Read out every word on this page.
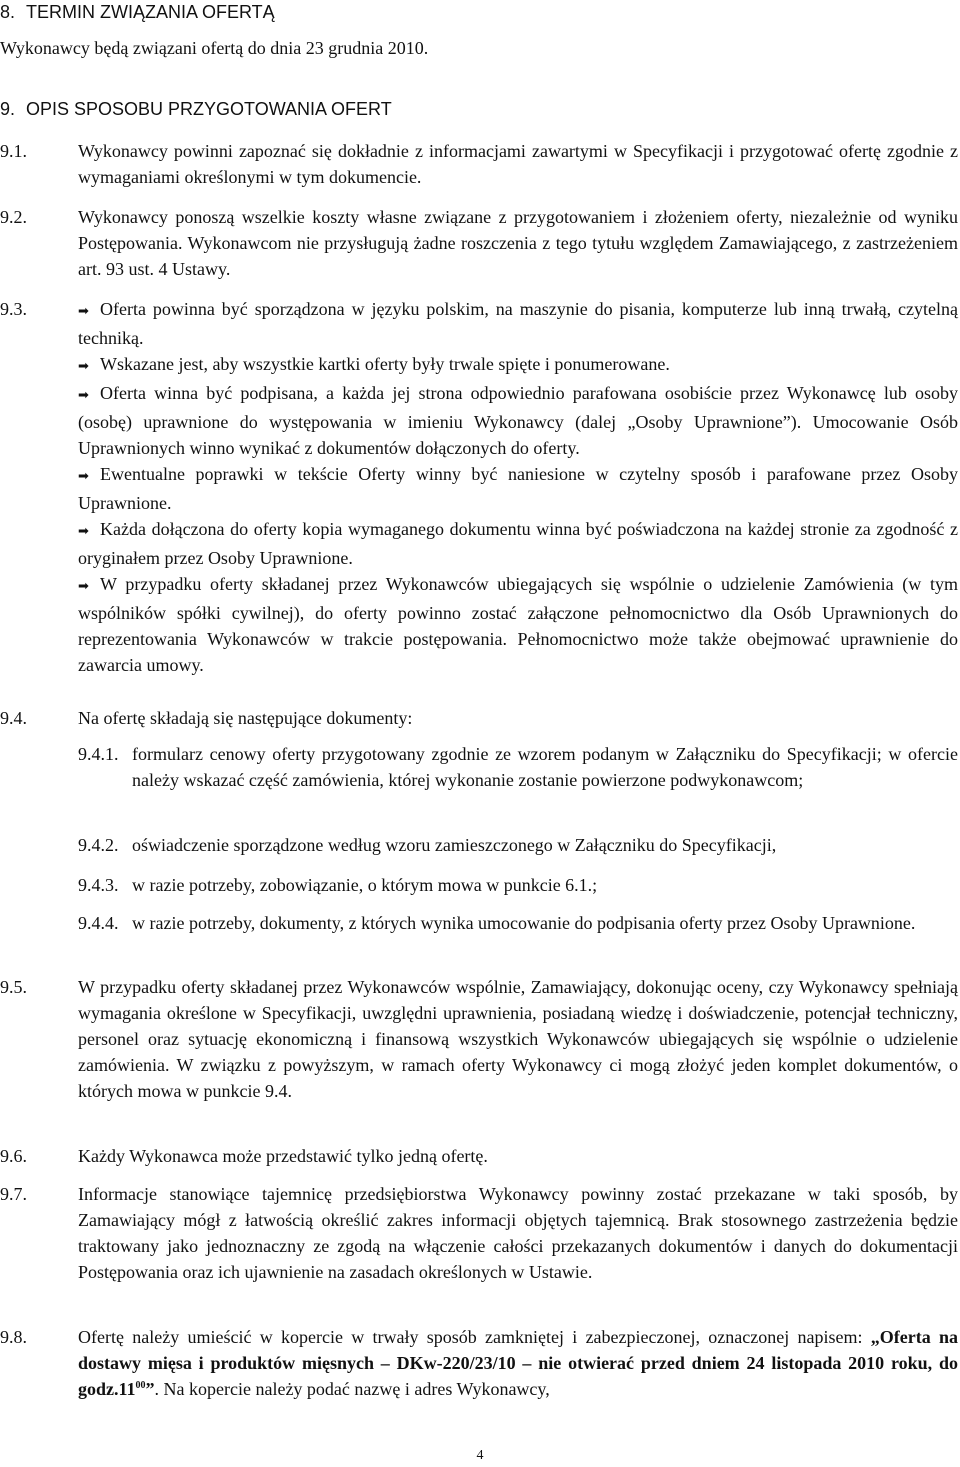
8. TERMIN ZWIĄZANIA OFERTĄ
Wykonawcy będą związani ofertą do dnia 23 grudnia 2010.
9. OPIS SPOSOBU PRZYGOTOWANIA OFERT
9.1.	Wykonawcy powinni zapoznać się dokładnie z informacjami zawartymi w Specyfikacji i przygotować ofertę zgodnie z wymaganiami określonymi w tym dokumencie.
9.2.	Wykonawcy ponoszą wszelkie koszty własne związane z przygotowaniem i złożeniem oferty, niezależnie od wyniku Postępowania. Wykonawcom nie przysługują żadne roszczenia z tego tytułu względem Zamawiającego, z zastrzeżeniem art. 93 ust. 4 Ustawy.
9.3.	➡ Oferta powinna być sporządzona w języku polskim, na maszynie do pisania, komputerze lub inną trwałą, czytelną techniką.
➡ Wskazane jest, aby wszystkie kartki oferty były trwale spięte i ponumerowane.
➡ Oferta winna być podpisana, a każda jej strona odpowiednio parafowana osobiście przez Wykonawcę lub osoby (osobę) uprawnione do występowania w imieniu Wykonawcy (dalej „Osoby Uprawnione”). Umocowanie Osób Uprawnionych winno wynikać z dokumentów dołączonych do oferty.
➡ Ewentualne poprawki w tekście Oferty winny być naniesione w czytelny sposób i parafowane przez Osoby Uprawnione.
➡ Każda dołączona do oferty kopia wymaganego dokumentu winna być poświadczona na każdej stronie za zgodność z oryginałem przez Osoby Uprawnione.
➡ W przypadku oferty składanej przez Wykonawców ubiegających się wspólnie o udzielenie Zamówienia (w tym wspólników spółki cywilnej), do oferty powinno zostać załączone pełnomocnictwo dla Osób Uprawnionych do reprezentowania Wykonawców w trakcie postępowania. Pełnomocnictwo może także obejmować uprawnienie do zawarcia umowy.
9.4.	Na ofertę składają się następujące dokumenty:
9.4.1. formularz cenowy oferty przygotowany zgodnie ze wzorem podanym w Załączniku do Specyfikacji; w ofercie należy wskazać część zamówienia, której wykonanie zostanie powierzone podwykonawcom;
9.4.2. oświadczenie sporządzone według wzoru zamieszczonego w Załączniku do Specyfikacji,
9.4.3. w razie potrzeby, zobowiązanie, o którym mowa w punkcie 6.1.;
9.4.4. w razie potrzeby, dokumenty, z których wynika umocowanie do podpisania oferty przez Osoby Uprawnione.
9.5.	W przypadku oferty składanej przez Wykonawców wspólnie, Zamawiający, dokonując oceny, czy Wykonawcy spełniają wymagania określone w Specyfikacji, uwzględni uprawnienia, posiadaną wiedzę i doświadczenie, potencjał techniczny, personel oraz sytuację ekonomiczną i finansową wszystkich Wykonawców ubiegających się wspólnie o udzielenie zamówienia. W związku z powyższym, w ramach oferty Wykonawcy ci mogą złożyć jeden komplet dokumentów, o których mowa w punkcie 9.4.
9.6.	Każdy Wykonawca może przedstawić tylko jedną ofertę.
9.7.	Informacje stanowiące tajemnicę przedsiębiorstwa Wykonawcy powinny zostać przekazane w taki sposób, by Zamawiający mógł z łatwością określić zakres informacji objętych tajemnicą. Brak stosownego zastrzeżenia będzie traktowany jako jednoznaczny ze zgodą na włączenie całości przekazanych dokumentów i danych do dokumentacji Postępowania oraz ich ujawnienie na zasadach określonych w Ustawie.
9.8.	Ofertę należy umieścić w kopercie w trwały sposób zamkniętej i zabezpieczonej, oznaczonej napisem: „Oferta na dostawy mięsa i produktów mięsnych – DKw-220/23/10 – nie otwierać przed dniem 24 listopada 2010 roku, do $godz.11^{00}$”. Na kopercie należy podać nazwę i adres Wykonawcy,
4
